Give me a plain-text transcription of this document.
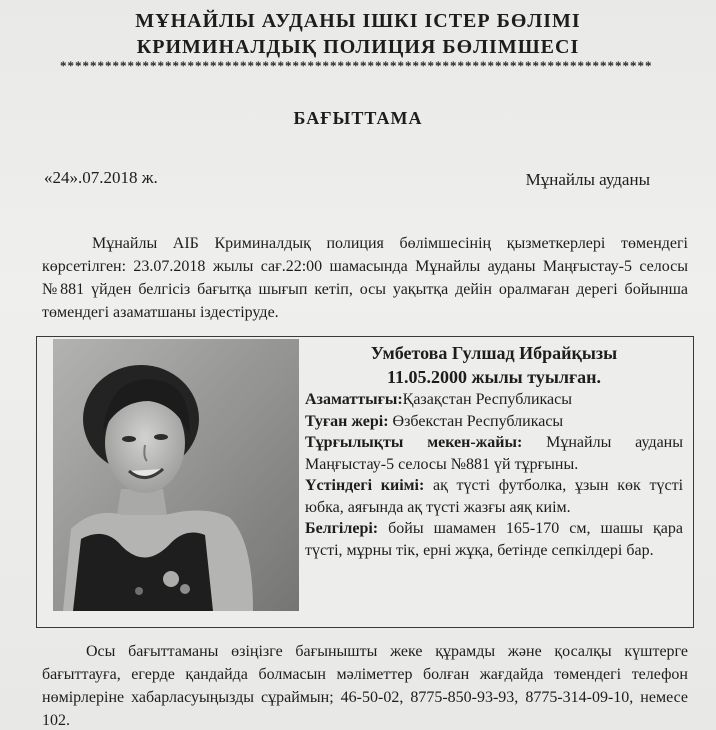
МҰНАЙЛЫ АУДАНЫ ІШКІ ІСТЕР БӨЛІМІ
КРИМИНАЛДЫҚ ПОЛИЦИЯ БӨЛІМШЕСІ
*******************************************************************************
БАҒЫТТАМА
«24».07.2018 ж.	Мұнайлы ауданы
Мұнайлы АІБ Криминалдық полиция бөлімшесінің қызметкерлері төмендегі көрсетілген: 23.07.2018 жылы сағ.22:00 шамасында Мұнайлы ауданы Маңғыстау-5 селосы №881 үйден белгісіз бағытқа шығып кетіп, осы уақытқа дейін оралмаған дерегі бойынша төмендегі азаматшаны іздестіруде.
Умбетова Гулшад Ибрайқызы
11.05.2000 жылы туылған.
Азаматтығы:Қазақстан Республикасы
Туған жері: Өзбекстан Республикасы
Тұрғылықты мекен-жайы: Мұнайлы ауданы Маңғыстау-5 селосы №881 үй тұрғыны.
Үстіндегі киімі: ақ түсті футболка, ұзын көк түсті юбка, аяғында ақ түсті жазғы аяқ киім.
Белгілері: бойы шамамен 165-170 см, шашы қара түсті, мұрны тік, ерні жұқа, бетінде сепкілдері бар.
Осы бағыттаманы өзіңізге бағынышты жеке құрамды және қосалқы күштерге бағыттауға, егерде қандайда болмасын мәліметтер болған жағдайда төмендегі телефон нөмірлеріне хабарласуыңызды сұраймын; 46-50-02, 8775-850-93-93, 8775-314-09-10, немесе 102.
